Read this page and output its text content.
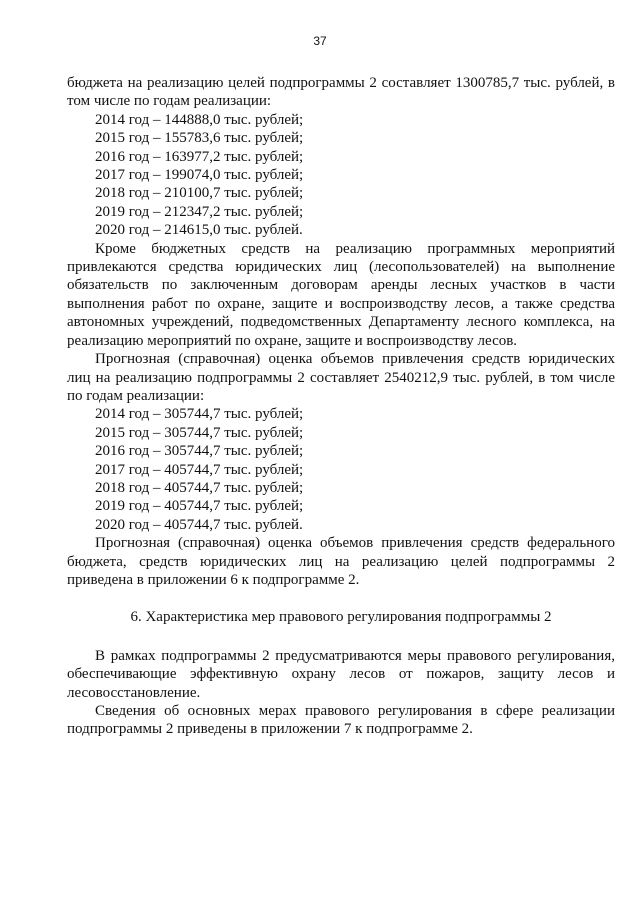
37

бюджета на реализацию целей подпрограммы 2 составляет 1300785,7 тыс. рублей, в том числе по годам реализации:

2014 год – 144888,0 тыс. рублей;
2015 год – 155783,6 тыс. рублей;
2016 год – 163977,2 тыс. рублей;
2017 год – 199074,0 тыс. рублей;
2018 год – 210100,7 тыс. рублей;
2019 год – 212347,2 тыс. рублей;
2020 год – 214615,0 тыс. рублей.

Кроме бюджетных средств на реализацию программных мероприятий привлекаются средства юридических лиц (лесопользователей) на выполнение обязательств по заключенным договорам аренды лесных участков в части выполнения работ по охране, защите и воспроизводству лесов, а также средства автономных учреждений, подведомственных Департаменту лесного комплекса, на реализацию мероприятий по охране, защите и воспроизводству лесов.

Прогнозная (справочная) оценка объемов привлечения средств юридических лиц на реализацию подпрограммы 2 составляет 2540212,9 тыс. рублей, в том числе по годам реализации:

2014 год – 305744,7 тыс. рублей;
2015 год – 305744,7 тыс. рублей;
2016 год – 305744,7 тыс. рублей;
2017 год – 405744,7 тыс. рублей;
2018 год – 405744,7 тыс. рублей;
2019 год – 405744,7 тыс. рублей;
2020 год – 405744,7 тыс. рублей.

Прогнозная (справочная) оценка объемов привлечения средств федерального бюджета, средств юридических лиц на реализацию целей подпрограммы 2 приведена в приложении 6 к подпрограмме 2.

6. Характеристика мер правового регулирования подпрограммы 2

В рамках подпрограммы 2 предусматриваются меры правового регулирования, обеспечивающие эффективную охрану лесов от пожаров, защиту лесов и лесовосстановление.

Сведения об основных мерах правового регулирования в сфере реализации подпрограммы 2 приведены в приложении 7 к подпрограмме 2.
